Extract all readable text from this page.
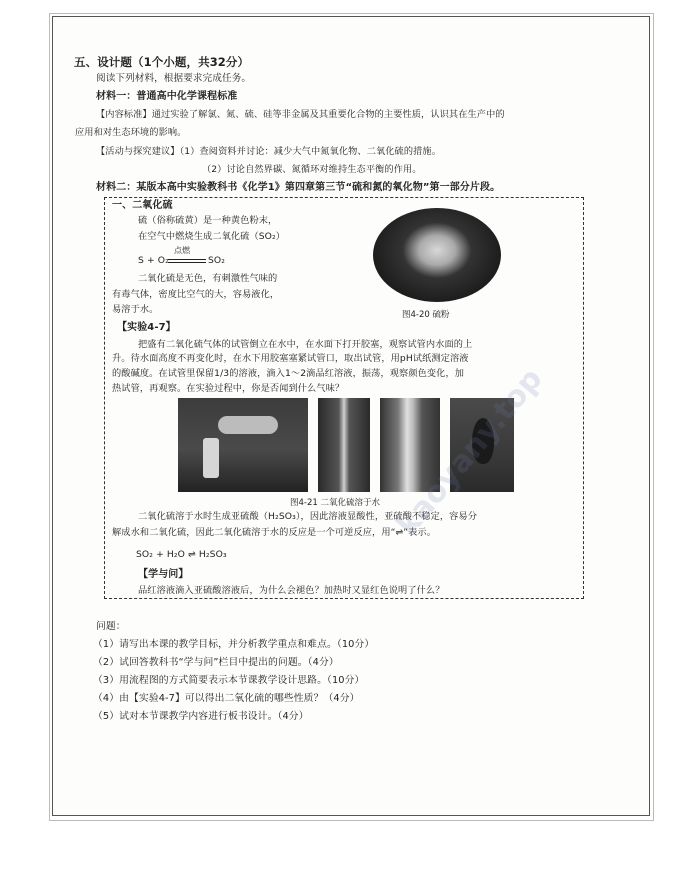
五、设计题（1个小题，共32分）
阅读下列材料，根据要求完成任务。
材料一：普通高中化学课程标准
【内容标准】通过实验了解氯、氮、硫、硅等非金属及其重要化合物的主要性质，认识其在生产中的
应用和对生态环境的影响。
【活动与探究建议】（1）查阅资料并讨论：减少大气中氮氧化物、二氧化硫的措施。
（2）讨论自然界碳、氮循环对维持生态平衡的作用。
材料二：某版本高中实验教科书《化学1》第四章第三节“硫和氮的氧化物”第一部分片段。
一、二氧化硫
硫（俗称硫黄）是一种黄色粉末，
在空气中燃烧生成二氧化硫（SO₂）
S + O₂
点燃
SO₂
二氧化硫是无色，有刺激性气味的
有毒气体，密度比空气的大，容易液化，
易溶于水。	图4-20 硫粉
【实验4-7】
把盛有二氧化硫气体的试管倒立在水中，在水面下打开胶塞，观察试管内水面的上
升。待水面高度不再变化时，在水下用胶塞塞紧试管口，取出试管，用pH试纸测定溶液
的酸碱度。在试管里保留1/3的溶液，滴入1～2滴品红溶液，振荡，观察颜色变化，加
热试管，再观察。在实验过程中，你是否闻到什么气味？
图4-21 二氧化硫溶于水
二氧化硫溶于水时生成亚硫酸（H₂SO₃），因此溶液显酸性，亚硫酸不稳定，容易分
解成水和二氧化硫，因此二氧化硫溶于水的反应是一个可逆反应，用“⇌”表示。
SO₂ + H₂O ⇌ H₂SO₃
【学与问】
品红溶液滴入亚硫酸溶液后，为什么会褪色？加热时又显红色说明了什么？
问题：
（1）请写出本课的教学目标，并分析教学重点和难点。（10分）
（2）试回答教科书“学与问”栏目中提出的问题。（4分）
（3）用流程图的方式简要表示本节课教学设计思路。（10分）
（4）由【实验4-7】可以得出二氧化硫的哪些性质？（4分）
（5）试对本节课教学内容进行板书设计。（4分）
